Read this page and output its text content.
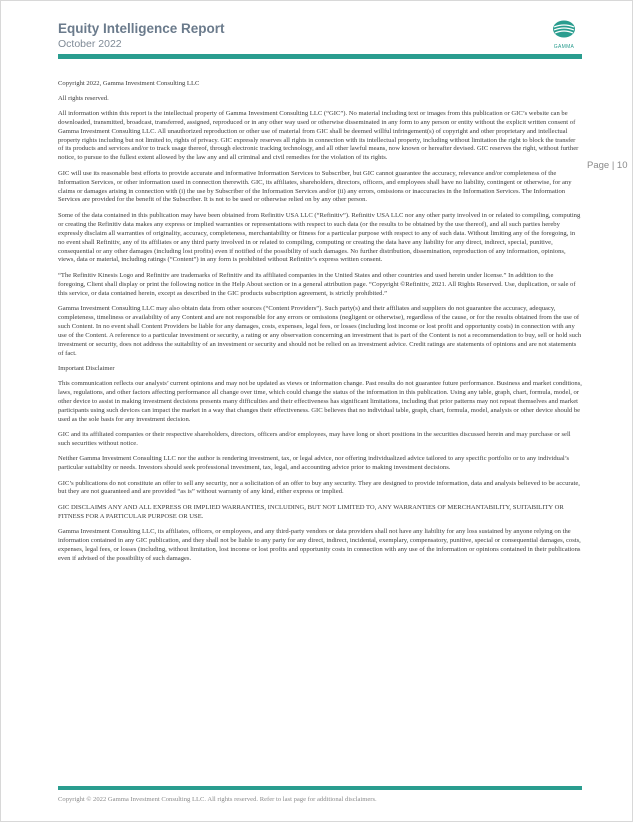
Equity Intelligence Report
October 2022	GAMMA
Page | 10

Copyright 2022, Gamma Investment Consulting LLC

All rights reserved.

All information within this report is the intellectual property of Gamma Investment Consulting LLC (“GIC”). No material including text or images from this publication or GIC’s website can be downloaded, transmitted, broadcast, transferred, assigned, reproduced or in any other way used or otherwise disseminated in any form to any person or entity without the explicit written consent of Gamma Investment Consulting LLC. All unauthorized reproduction or other use of material from GIC shall be deemed willful infringement(s) of copyright and other proprietary and intellectual property rights including but not limited to, rights of privacy. GIC expressly reserves all rights in connection with its intellectual property, including without limitation the right to block the transfer of its products and services and/or to track usage thereof, through electronic tracking technology, and all other lawful means, now known or hereafter devised. GIC reserves the right, without further notice, to pursue to the fullest extent allowed by the law any and all criminal and civil remedies for the violation of its rights.

GIC will use its reasonable best efforts to provide accurate and informative Information Services to Subscriber, but GIC cannot guarantee the accuracy, relevance and/or completeness of the Information Services, or other information used in connection therewith. GIC, its affiliates, shareholders, directors, officers, and employees shall have no liability, contingent or otherwise, for any claims or damages arising in connection with (i) the use by Subscriber of the Information Services and/or (ii) any errors, omissions or inaccuracies in the Information Services. The Information Services are provided for the benefit of the Subscriber. It is not to be used or otherwise relied on by any other person.

Some of the data contained in this publication may have been obtained from Refinitiv USA LLC (“Refinitiv”). Refinitiv USA LLC nor any other party involved in or related to compiling, computing or creating the Refinitiv data makes any express or implied warranties or representations with respect to such data (or the results to be obtained by the use thereof), and all such parties hereby expressly disclaim all warranties of originality, accuracy, completeness, merchantability or fitness for a particular purpose with respect to any of such data. Without limiting any of the foregoing, in no event shall Refinitiv, any of its affiliates or any third party involved in or related to compiling, computing or creating the data have any liability for any direct, indirect, special, punitive, consequential or any other damages (including lost profits) even if notified of the possibility of such damages. No further distribution, dissemination, reproduction of any information, opinions, views, data or material, including ratings (“Content”) in any form is prohibited without Refinitiv’s express written consent.

“The Refinitiv Kinesis Logo and Refinitiv are trademarks of Refinitiv and its affiliated companies in the United States and other countries and used herein under license.” In addition to the foregoing, Client shall display or print the following notice in the Help About section or in a general attribution page. “Copyright ©Refinitiv, 2021. All Rights Reserved. Use, duplication, or sale of this service, or data contained herein, except as described in the GIC products subscription agreement, is strictly prohibited.”

Gamma Investment Consulting LLC may also obtain data from other sources (“Content Providers”). Such party(s) and their affiliates and suppliers do not guarantee the accuracy, adequacy, completeness, timeliness or availability of any Content and are not responsible for any errors or omissions (negligent or otherwise), regardless of the cause, or for the results obtained from the use of such Content. In no event shall Content Providers be liable for any damages, costs, expenses, legal fees, or losses (including lost income or lost profit and opportunity costs) in connection with any use of the Content. A reference to a particular investment or security, a rating or any observation concerning an investment that is part of the Content is not a recommendation to buy, sell or hold such investment or security, does not address the suitability of an investment or security and should not be relied on as investment advice. Credit ratings are statements of opinions and are not statements of fact.

Important Disclaimer

This communication reflects our analysts’ current opinions and may not be updated as views or information change. Past results do not guarantee future performance. Business and market conditions, laws, regulations, and other factors affecting performance all change over time, which could change the status of the information in this publication. Using any table, graph, chart, formula, model, or other device to assist in making investment decisions presents many difficulties and their effectiveness has significant limitations, including that prior patterns may not repeat themselves and market participants using such devices can impact the market in a way that changes their effectiveness. GIC believes that no individual table, graph, chart, formula, model, analysis or other device should be used as the sole basis for any investment decision.

GIC and its affiliated companies or their respective shareholders, directors, officers and/or employees, may have long or short positions in the securities discussed herein and may purchase or sell such securities without notice.

Neither Gamma Investment Consulting LLC nor the author is rendering investment, tax, or legal advice, nor offering individualized advice tailored to any specific portfolio or to any individual’s particular suitability or needs. Investors should seek professional investment, tax, legal, and accounting advice prior to making investment decisions.

GIC’s publications do not constitute an offer to sell any security, nor a solicitation of an offer to buy any security. They are designed to provide information, data and analysis believed to be accurate, but they are not guaranteed and are provided “as is” without warranty of any kind, either express or implied.

GIC DISCLAIMS ANY AND ALL EXPRESS OR IMPLIED WARRANTIES, INCLUDING, BUT NOT LIMITED TO, ANY WARRANTIES OF MERCHANTABILITY, SUITABILITY OR FITNESS FOR A PARTICULAR PURPOSE OR USE.

Gamma Investment Consulting LLC, its affiliates, officers, or employees, and any third-party vendors or data providers shall not have any liability for any loss sustained by anyone relying on the information contained in any GIC publication, and they shall not be liable to any party for any direct, indirect, incidental, exemplary, compensatory, punitive, special or consequential damages, costs, expenses, legal fees, or losses (including, without limitation, lost income or lost profits and opportunity costs in connection with any use of the information or opinions contained in their publications even if advised of the possibility of such damages.

Copyright © 2022 Gamma Investment Consulting LLC. All rights reserved. Refer to last page for additional disclaimers.
